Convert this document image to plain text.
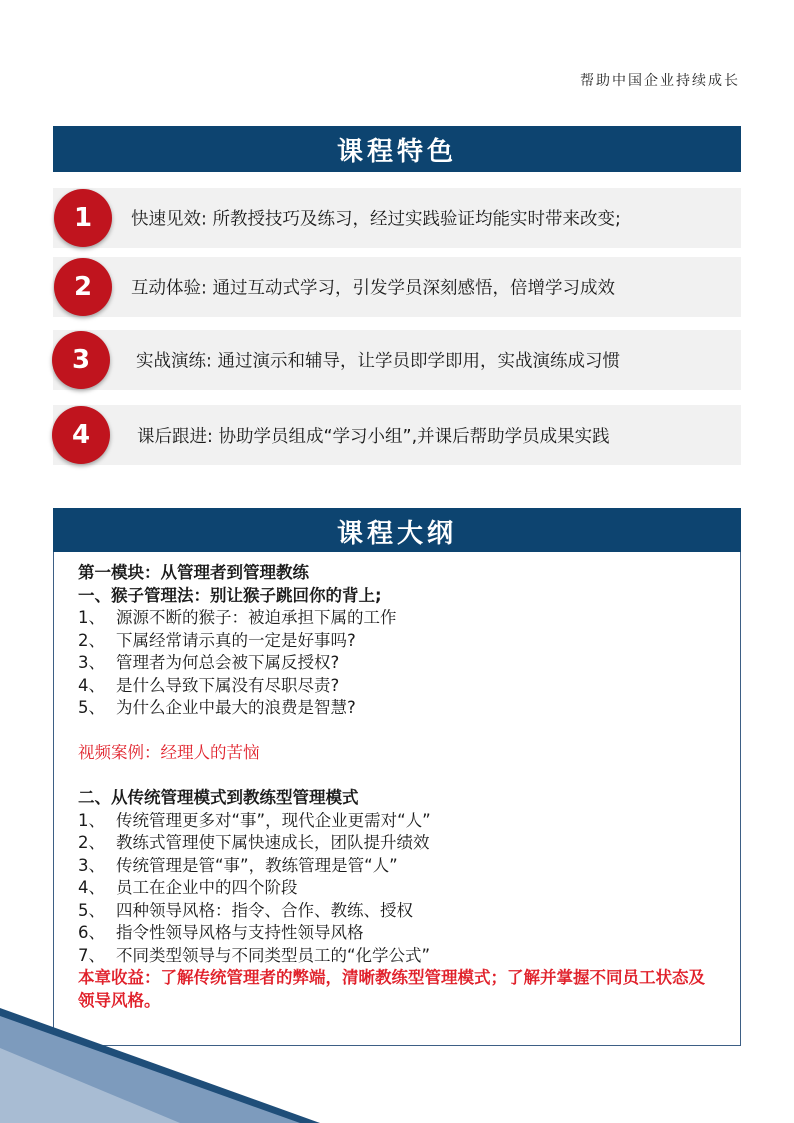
帮助中国企业持续成长
课程特色
1	快速见效: 所教授技巧及练习，经过实践验证均能实时带来改变;
2	互动体验: 通过互动式学习，引发学员深刻感悟，倍增学习成效
3	实战演练: 通过演示和辅导，让学员即学即用，实战演练成习惯
4	课后跟进: 协助学员组成“学习小组”,并课后帮助学员成果实践
课程大纲
第一模块：从管理者到管理教练
一、猴子管理法：别让猴子跳回你的背上;
1、 源源不断的猴子：被迫承担下属的工作
2、 下属经常请示真的一定是好事吗?
3、 管理者为何总会被下属反授权?
4、 是什么导致下属没有尽职尽责?
5、 为什么企业中最大的浪费是智慧?
视频案例：经理人的苦恼
二、从传统管理模式到教练型管理模式
1、 传统管理更多对“事”，现代企业更需对“人”
2、 教练式管理使下属快速成长，团队提升绩效
3、 传统管理是管“事”，教练管理是管“人”
4、 员工在企业中的四个阶段
5、 四种领导风格：指令、合作、教练、授权
6、 指令性领导风格与支持性领导风格
7、 不同类型领导与不同类型员工的“化学公式”
本章收益：了解传统管理者的弊端，清晰教练型管理模式；了解并掌握不同员工状态及领导风格。
